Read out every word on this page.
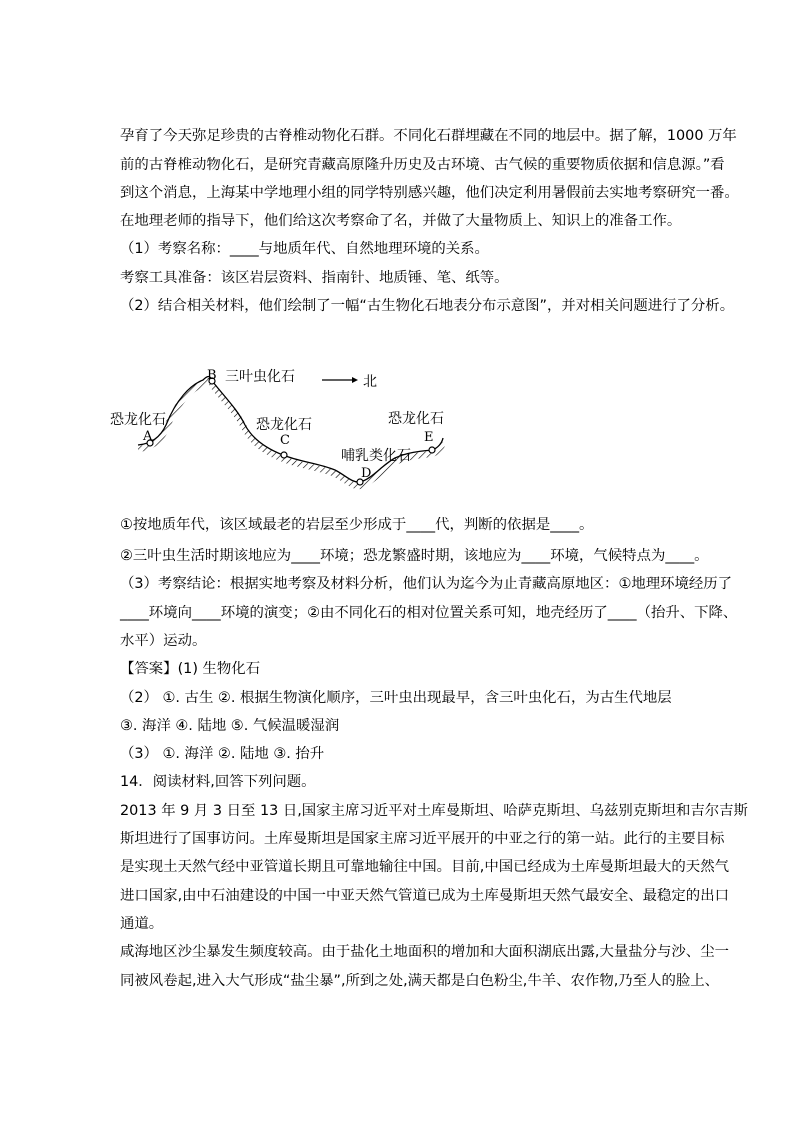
孕育了今天弥足珍贵的古脊椎动物化石群。不同化石群埋藏在不同的地层中。据了解，1000 万年
前的古脊椎动物化石，是研究青藏高原隆升历史及古环境、古气候的重要物质依据和信息源。”看
到这个消息，上海某中学地理小组的同学特别感兴趣，他们决定利用暑假前去实地考察研究一番。
在地理老师的指导下，他们给这次考察命了名，并做了大量物质上、知识上的准备工作。
（1）考察名称：____与地质年代、自然地理环境的关系。
考察工具准备：该区岩层资料、指南针、地质锤、笔、纸等。
（2）结合相关材料，他们绘制了一幅“古生物化石地表分布示意图”，并对相关问题进行了分析。
B 三叶虫化石	北
恐龙化石
A
恐龙化石
C
恐龙化石
E
哺乳类化石
D
①按地质年代，该区域最老的岩层至少形成于____代，判断的依据是____。
②三叶虫生活时期该地应为____环境；恐龙繁盛时期，该地应为____环境，气候特点为____。
（3）考察结论：根据实地考察及材料分析，他们认为迄今为止青藏高原地区：①地理环境经历了
____环境向____环境的演变；②由不同化石的相对位置关系可知，地壳经历了____（抬升、下降、
水平）运动。
【答案】(1) 生物化石
（2） ①. 古生 ②. 根据生物演化顺序，三叶虫出现最早，含三叶虫化石，为古生代地层
③. 海洋 ④. 陆地 ⑤. 气候温暖湿润
（3） ①. 海洋 ②. 陆地 ③. 抬升
14．阅读材料,回答下列问题。
2013 年 9 月 3 日至 13 日,国家主席习近平对土库曼斯坦、哈萨克斯坦、乌兹别克斯坦和吉尔吉斯
斯坦进行了国事访问。土库曼斯坦是国家主席习近平展开的中亚之行的第一站。此行的主要目标
是实现土天然气经中亚管道长期且可靠地输往中国。目前,中国已经成为土库曼斯坦最大的天然气
进口国家,由中石油建设的中国一中亚天然气管道已成为土库曼斯坦天然气最安全、最稳定的出口
通道。
咸海地区沙尘暴发生频度较高。由于盐化土地面积的增加和大面积湖底出露,大量盐分与沙、尘一
同被风卷起,进入大气形成“盐尘暴”,所到之处,满天都是白色粉尘,牛羊、农作物,乃至人的脸上、
